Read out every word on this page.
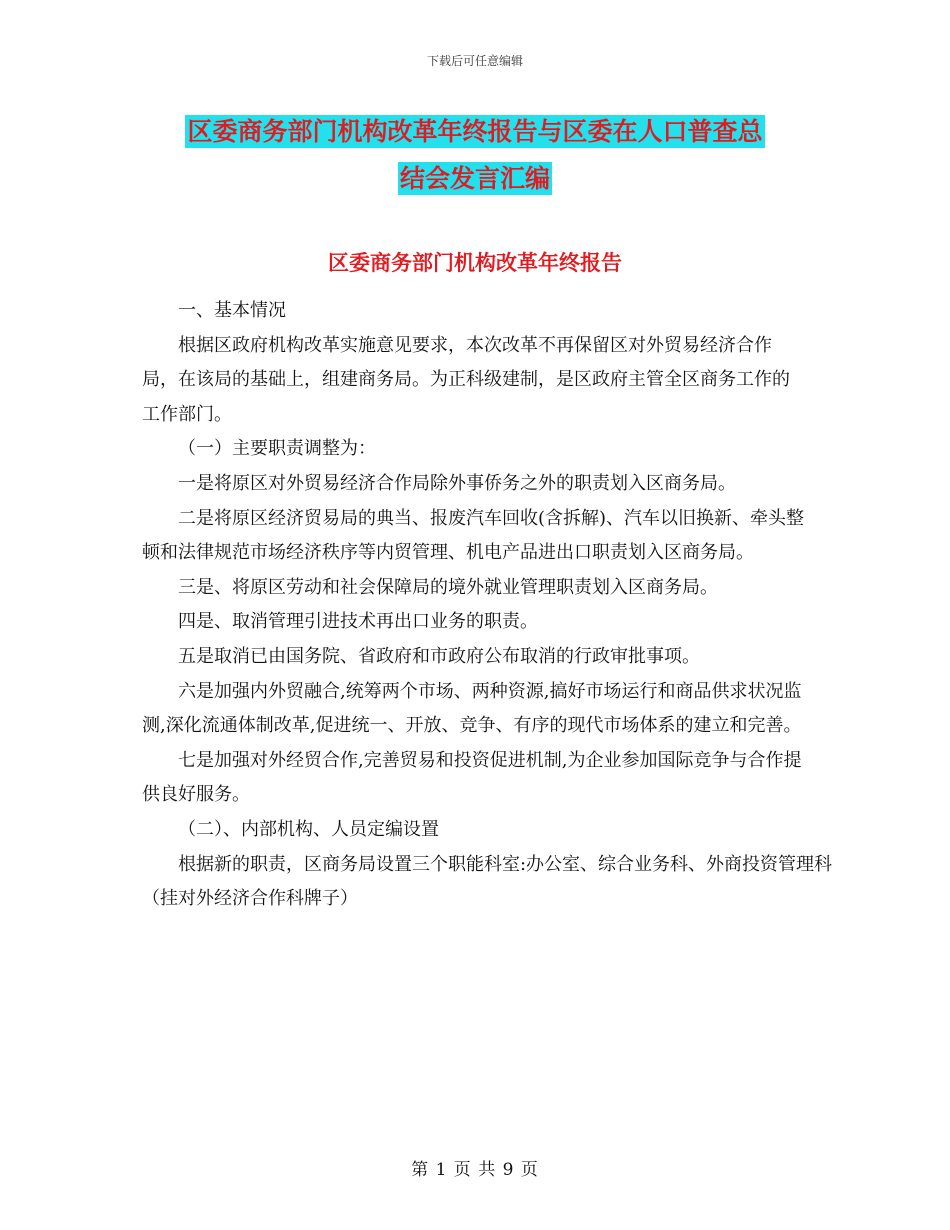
下载后可任意编辑
区委商务部门机构改革年终报告与区委在人口普查总
结会发言汇编
区委商务部门机构改革年终报告

一、基本情况

根据区政府机构改革实施意见要求，本次改革不再保留区对外贸易经济合作局，在该局的基础上，组建商务局。为正科级建制，是区政府主管全区商务工作的工作部门。

（一）主要职责调整为：

一是将原区对外贸易经济合作局除外事侨务之外的职责划入区商务局。

二是将原区经济贸易局的典当、报废汽车回收(含拆解)、汽车以旧换新、牵头整顿和法律规范市场经济秩序等内贸管理、机电产品进出口职责划入区商务局。

三是、将原区劳动和社会保障局的境外就业管理职责划入区商务局。

四是、取消管理引进技术再出口业务的职责。

五是取消已由国务院、省政府和市政府公布取消的行政审批事项。

六是加强内外贸融合,统筹两个市场、两种资源,搞好市场运行和商品供求状况监测,深化流通体制改革,促进统一、开放、竞争、有序的现代市场体系的建立和完善。

七是加强对外经贸合作,完善贸易和投资促进机制,为企业参加国际竞争与合作提供良好服务。

（二）、内部机构、人员定编设置

根据新的职责，区商务局设置三个职能科室:办公室、综合业务科、外商投资管理科（挂对外经济合作科牌子）

第 1 页 共 9 页
